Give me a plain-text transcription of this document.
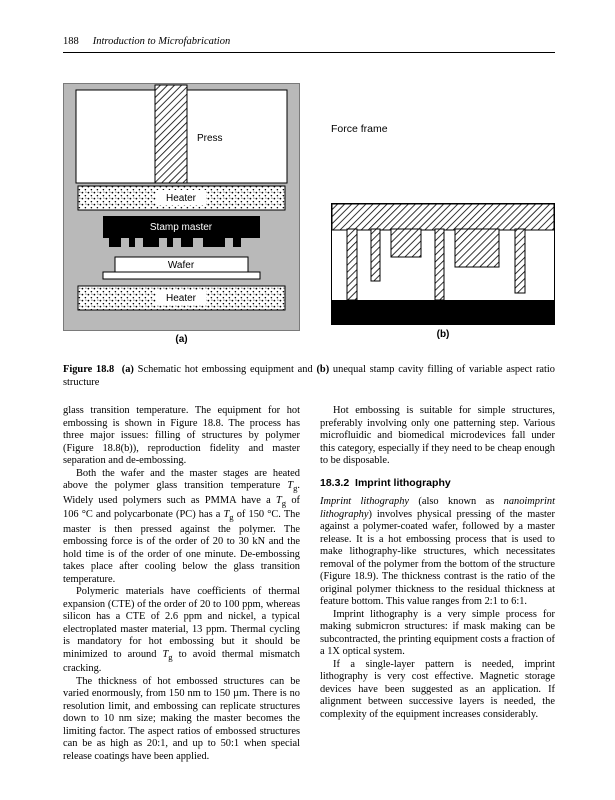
188 Introduction to Microfabrication
Press
Heater
Stamp master
Wafer
Heater
(a)
Force frame
(b)
Figure 18.8 (a) Schematic hot embossing equipment and (b) unequal stamp cavity filling of variable aspect ratio structure

glass transition temperature. The equipment for hot embossing is shown in Figure 18.8. The process has three major issues: filling of structures by polymer (Figure 18.8(b)), reproduction fidelity and master separation and de-embossing.

Both the wafer and the master stages are heated above the polymer glass transition temperature $T_g$. Widely used polymers such as PMMA have a $T_g$ of 106 °C and polycarbonate (PC) has a $T_g$ of 150 °C. The master is then pressed against the polymer. The embossing force is of the order of 20 to 30 kN and the hold time is of the order of one minute. De-embossing takes place after cooling below the glass transition temperature.

Polymeric materials have coefficients of thermal expansion (CTE) of the order of 20 to 100 ppm, whereas silicon has a CTE of 2.6 ppm and nickel, a typical electroplated master material, 13 ppm. Thermal cycling is mandatory for hot embossing but it should be minimized to around $T_g$ to avoid thermal mismatch cracking.

The thickness of hot embossed structures can be varied enormously, from 150 nm to 150 µm. There is no resolution limit, and embossing can replicate structures down to 10 nm size; making the master becomes the limiting factor. The aspect ratios of embossed structures can be as high as 20:1, and up to 50:1 when special release coatings have been applied.

Hot embossing is suitable for simple structures, preferably involving only one patterning step. Various microfluidic and biomedical microdevices fall under this category, especially if they need to be cheap enough to be disposable.

18.3.2  Imprint lithography

Imprint lithography (also known as nanoimprint lithography) involves physical pressing of the master against a polymer-coated wafer, followed by a master release. It is a hot embossing process that is used to make lithography-like structures, which necessitates removal of the polymer from the bottom of the structure (Figure 18.9). The thickness contrast is the ratio of the original polymer thickness to the residual thickness at feature bottom. This value ranges from 2:1 to 6:1.

Imprint lithography is a very simple process for making submicron structures: if mask making can be subcontracted, the printing equipment costs a fraction of a 1X optical system.

If a single-layer pattern is needed, imprint lithography is very cost effective. Magnetic storage devices have been suggested as an application. If alignment between successive layers is needed, the complexity of the equipment increases considerably.
